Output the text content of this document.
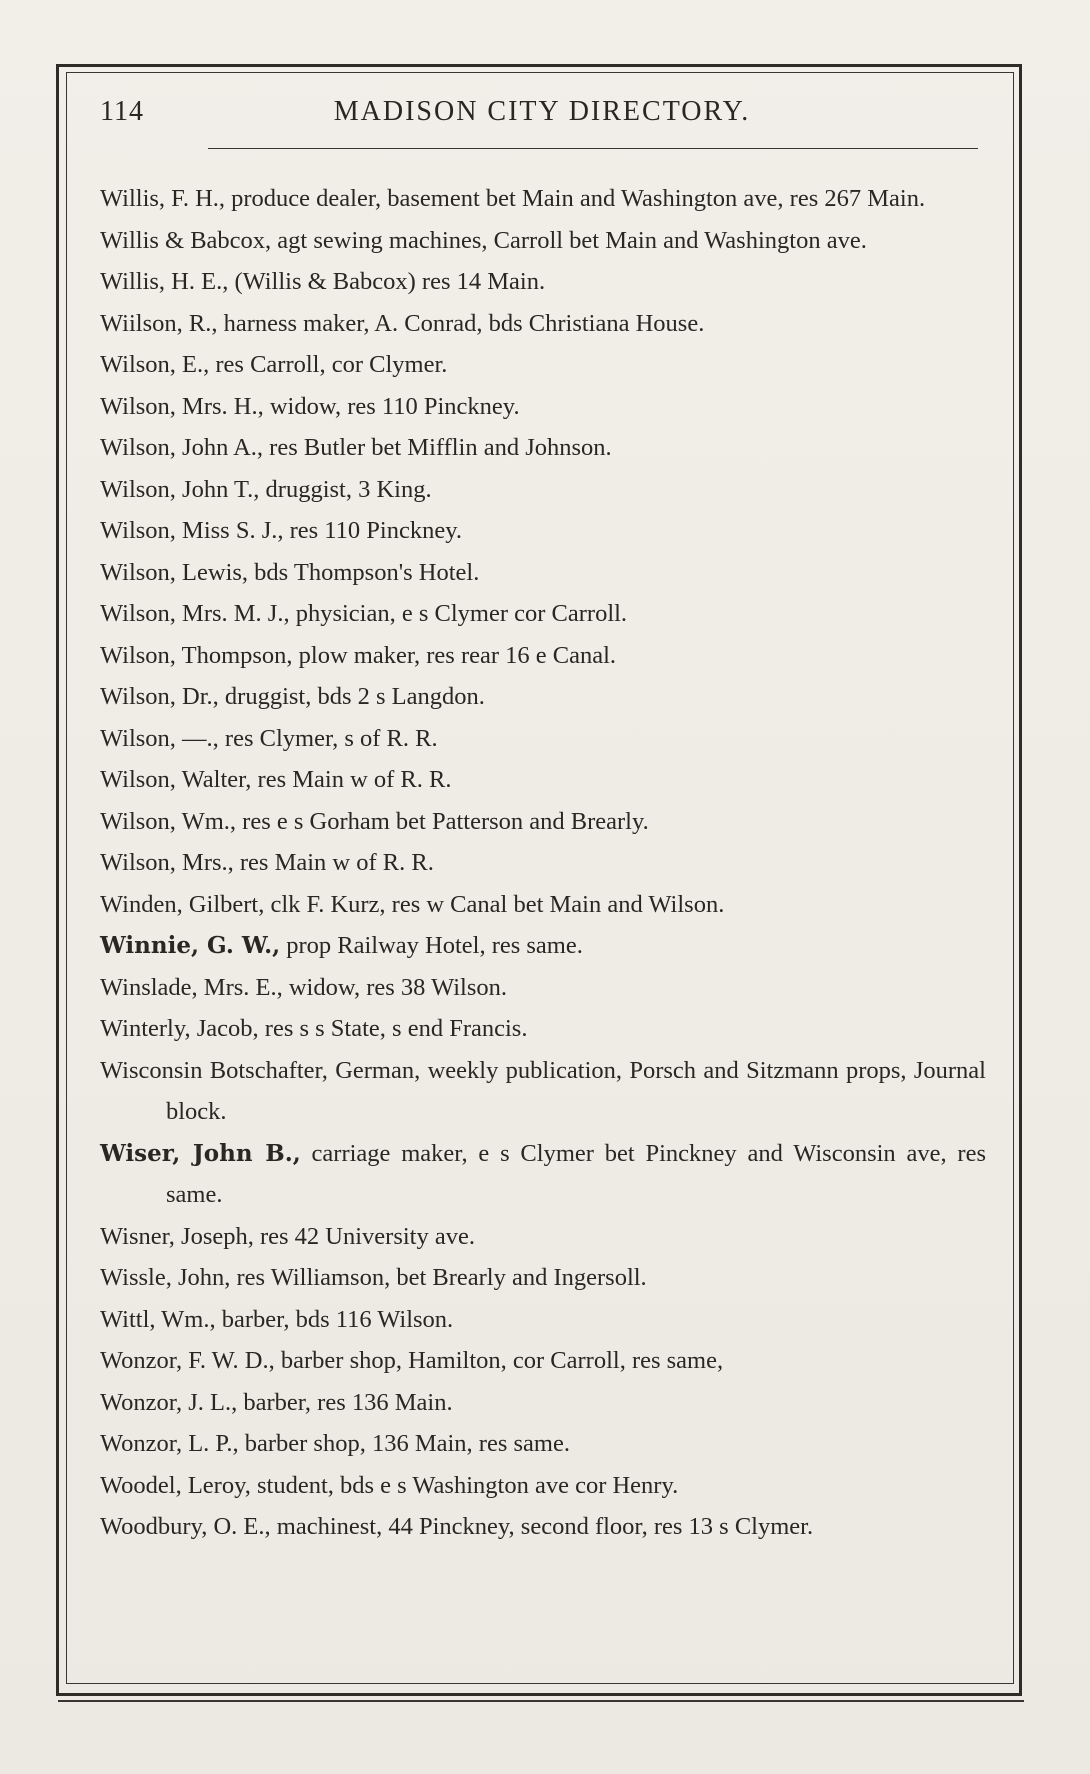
114	MADISON CITY DIRECTORY.
Willis, F. H., produce dealer, basement bet Main and Washington ave, res 267 Main.
Willis & Babcox, agt sewing machines, Carroll bet Main and Washington ave.
Willis, H. E., (Willis & Babcox) res 14 Main.
Wiilson, R., harness maker, A. Conrad, bds Christiana House.
Wilson, E., res Carroll, cor Clymer.
Wilson, Mrs. H., widow, res 110 Pinckney.
Wilson, John A., res Butler bet Mifflin and Johnson.
Wilson, John T., druggist, 3 King.
Wilson, Miss S. J., res 110 Pinckney.
Wilson, Lewis, bds Thompson's Hotel.
Wilson, Mrs. M. J., physician, e s Clymer cor Carroll.
Wilson, Thompson, plow maker, res rear 16 e Canal.
Wilson, Dr., druggist, bds 2 s Langdon.
Wilson, —., res Clymer, s of R. R.
Wilson, Walter, res Main w of R. R.
Wilson, Wm., res e s Gorham bet Patterson and Brearly.
Wilson, Mrs., res Main w of R. R.
Winden, Gilbert, clk F. Kurz, res w Canal bet Main and Wilson.
Winnie, G. W., prop Railway Hotel, res same.
Winslade, Mrs. E., widow, res 38 Wilson.
Winterly, Jacob, res s s State, s end Francis.
Wisconsin Botschafter, German, weekly publication, Porsch and Sitzmann props, Journal block.
Wiser, John B., carriage maker, e s Clymer bet Pinckney and Wisconsin ave, res same.
Wisner, Joseph, res 42 University ave.
Wissle, John, res Williamson, bet Brearly and Ingersoll.
Wittl, Wm., barber, bds 116 Wilson.
Wonzor, F. W. D., barber shop, Hamilton, cor Carroll, res same,
Wonzor, J. L., barber, res 136 Main.
Wonzor, L. P., barber shop, 136 Main, res same.
Woodel, Leroy, student, bds e s Washington ave cor Henry.
Woodbury, O. E., machinest, 44 Pinckney, second floor, res 13 s Clymer.
